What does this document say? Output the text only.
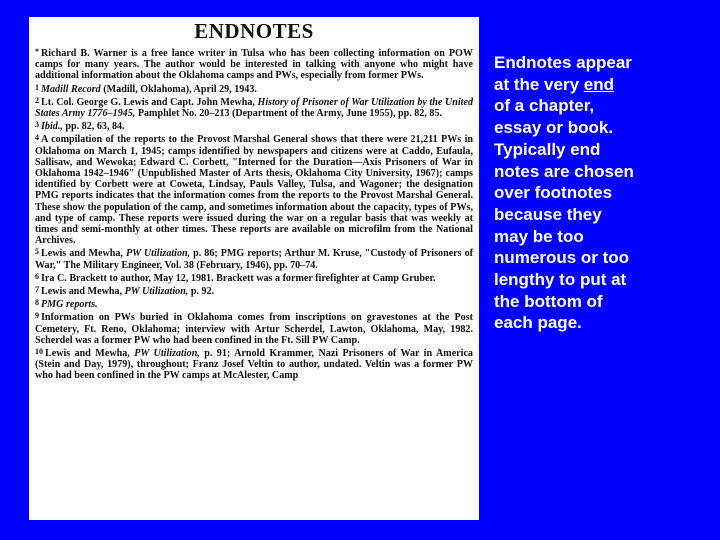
ENDNOTES

* Richard B. Warner is a free lance writer in Tulsa who has been collecting information on POW camps for many years. The author would be interested in talking with anyone who might have additional information about the Oklahoma camps and PWs, especially from former PWs.

1 Madill Record (Madill, Oklahoma), April 29, 1943.

2 Lt. Col. George G. Lewis and Capt. John Mewha, History of Prisoner of War Utilization by the United States Army 1776–1945, Pamphlet No. 20–213 (Department of the Army, June 1955), pp. 82, 85.

3 Ibid., pp. 82, 63, 84.

4 A compilation of the reports to the Provost Marshal General shows that there were 21,211 PWs in Oklahoma on March 1, 1945; camps identified by newspapers and citizens were at Caddo, Eufaula, Sallisaw, and Wewoka; Edward C. Corbett, "Interned for the Duration—Axis Prisoners of War in Oklahoma 1942–1946" (Unpublished Master of Arts thesis, Oklahoma City University, 1967); camps identified by Corbett were at Coweta, Lindsay, Pauls Valley, Tulsa, and Wagoner; the designation PMG reports indicates that the information comes from the reports to the Provost Marshal General. These show the population of the camp, and sometimes information about the capacity, types of PWs, and type of camp. These reports were issued during the war on a regular basis that was weekly at times and semi-monthly at other times. These reports are available on microfilm from the National Archives.

5 Lewis and Mewha, PW Utilization, p. 86; PMG reports; Arthur M. Kruse, "Custody of Prisoners of War," The Military Engineer, Vol. 38 (February, 1946), pp. 70–74.

6 Ira C. Brackett to author, May 12, 1981. Brackett was a former firefighter at Camp Gruber.

7 Lewis and Mewha, PW Utilization, p. 92.

8 PMG reports.

9 Information on PWs buried in Oklahoma comes from inscriptions on gravestones at the Post Cemetery, Ft. Reno, Oklahoma; interview with Artur Scherdel, Lawton, Oklahoma, May, 1982. Scherdel was a former PW who had been confined in the Ft. Sill PW Camp.

10 Lewis and Mewha, PW Utilization, p. 91; Arnold Krammer, Nazi Prisoners of War in America (Stein and Day, 1979), throughout; Franz Josef Veltin to author, undated. Veltin was a former PW who had been confined in the PW camps at McAlester, Camp

Endnotes appear
at the very end
of a chapter,
essay or book.
Typically end
notes are chosen
over footnotes
because they
may be too
numerous or too
lengthy to put at
the bottom of
each page.
